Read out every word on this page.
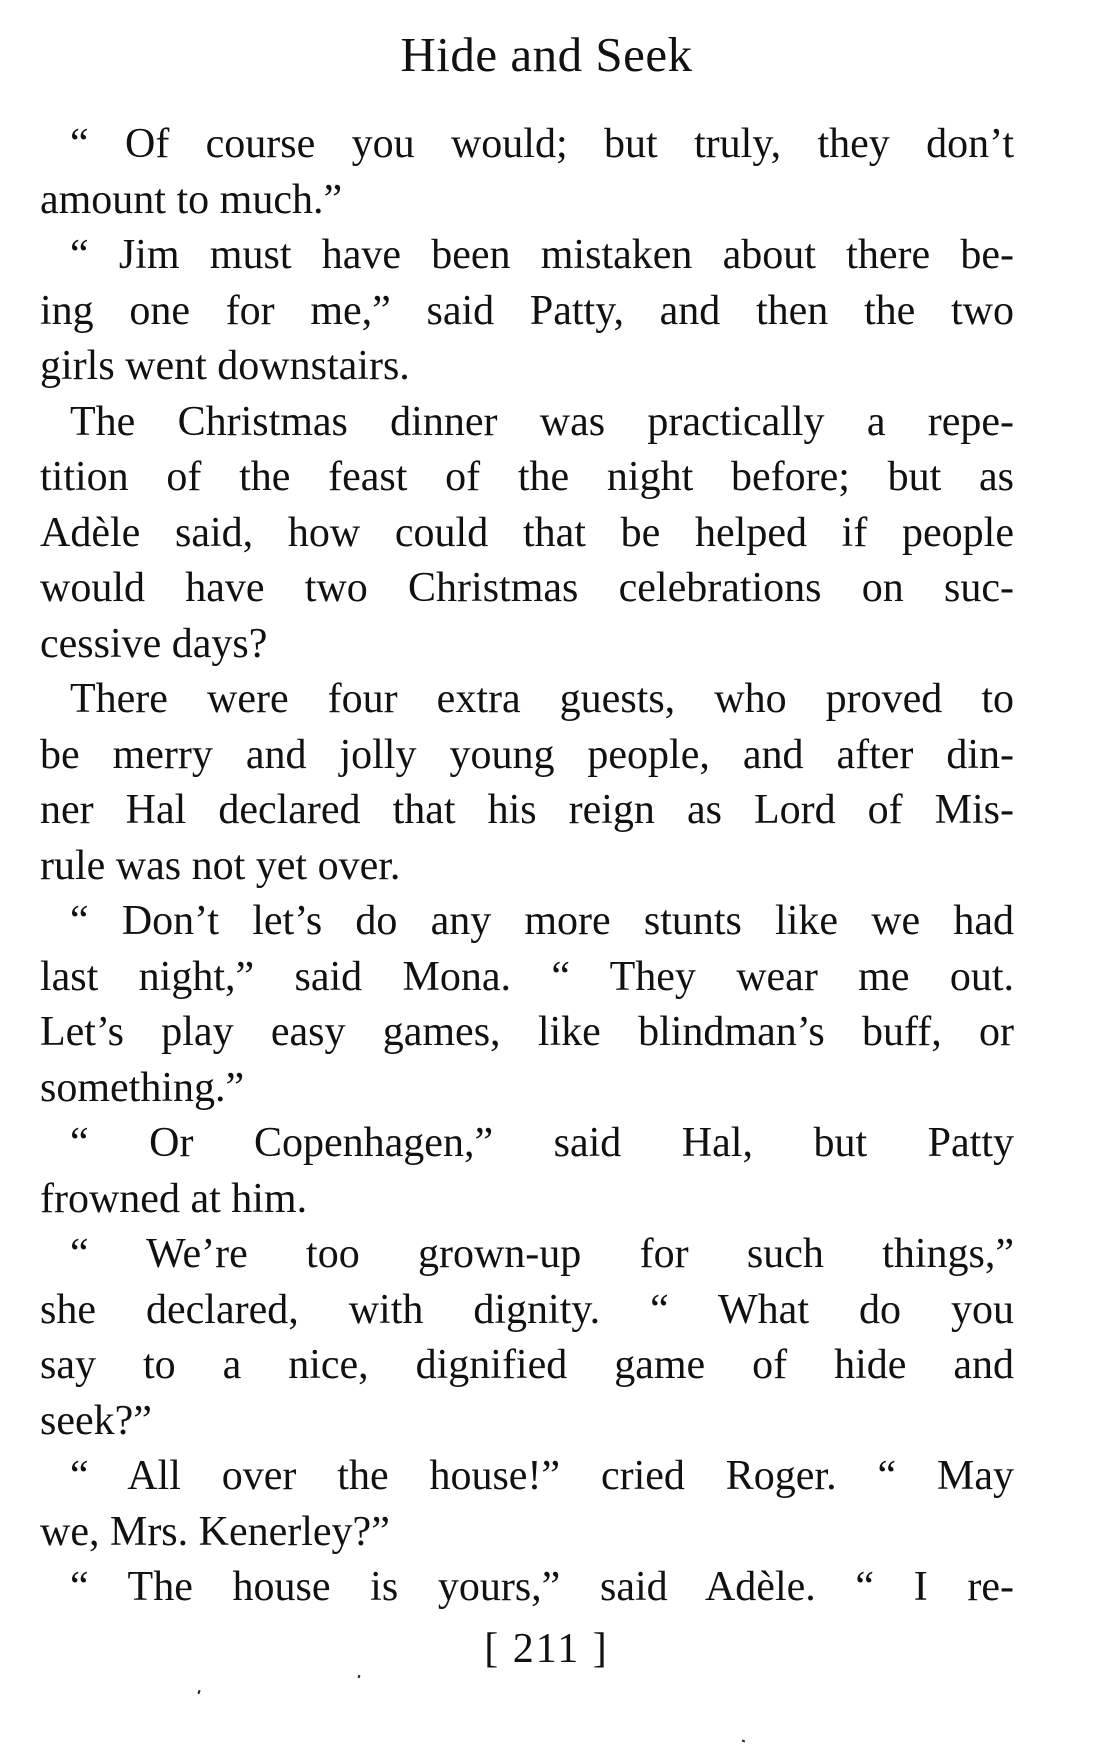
Hide and Seek
“ Of course you would; but truly, they don’t
amount to much.”
“ Jim must have been mistaken about there be-
ing one for me,” said Patty, and then the two
girls went downstairs.
The Christmas dinner was practically a repe-
tition of the feast of the night before; but as
Adèle said, how could that be helped if people
would have two Christmas celebrations on suc-
cessive days?
There were four extra guests, who proved to
be merry and jolly young people, and after din-
ner Hal declared that his reign as Lord of Mis-
rule was not yet over.
“ Don’t let’s do any more stunts like we had
last night,” said Mona. “ They wear me out.
Let’s play easy games, like blindman’s buff, or
something.”
“ Or Copenhagen,” said Hal, but Patty
frowned at him.
“ We’re too grown-up for such things,”
she declared, with dignity. “ What do you
say to a nice, dignified game of hide and
seek?”
“ All over the house!” cried Roger. “ May
we, Mrs. Kenerley?”
“ The house is yours,” said Adèle. “ I re-
[ 211 ]
